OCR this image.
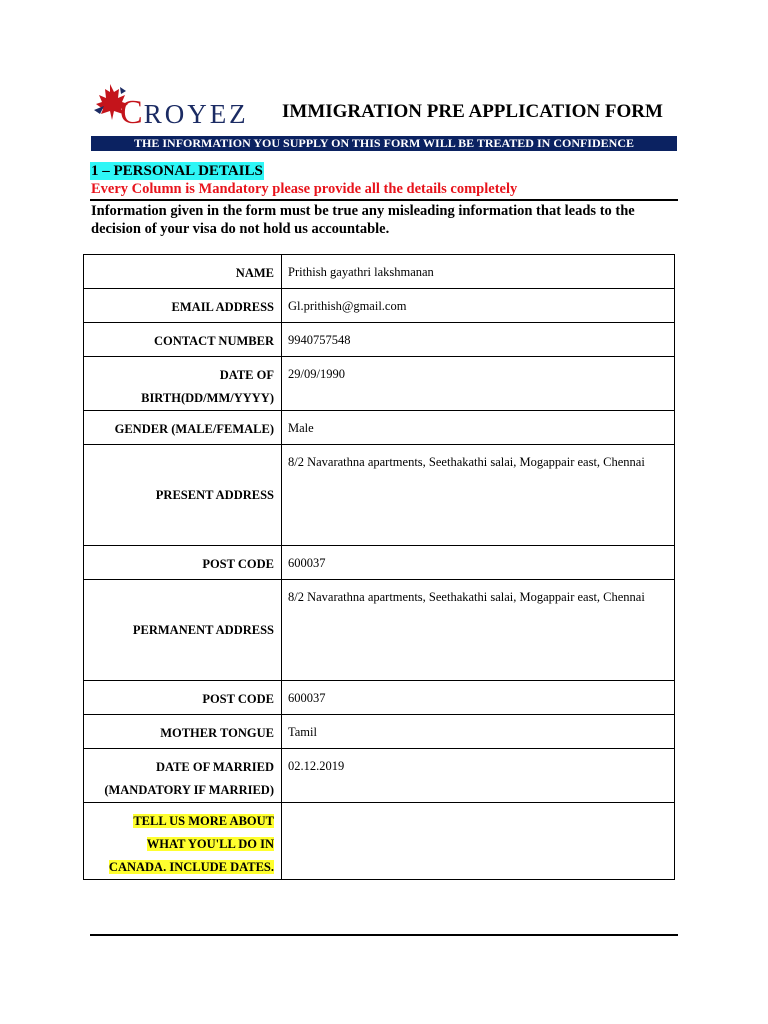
CROYEZ IMMIGRATION PRE APPLICATION FORM
THE INFORMATION YOU SUPPLY ON THIS FORM WILL BE TREATED IN CONFIDENCE
1 – PERSONAL DETAILS
Every Column is Mandatory please provide all the details completely
Information given in the form must be true any misleading information that leads to the decision of your visa do not hold us accountable.
NAME	Prithish gayathri lakshmanan
EMAIL ADDRESS	Gl.prithish@gmail.com
CONTACT NUMBER	9940757548
DATE OF
BIRTH(DD/MM/YYYY)	29/09/1990
GENDER (MALE/FEMALE)	Male
PRESENT ADDRESS	8/2 Navarathna apartments, Seethakathi salai, Mogappair east, Chennai
POST CODE	600037
PERMANENT ADDRESS	8/2 Navarathna apartments, Seethakathi salai, Mogappair east, Chennai
POST CODE	600037
MOTHER TONGUE	Tamil
DATE OF MARRIED
(MANDATORY IF MARRIED)	02.12.2019
TELL US MORE ABOUT
WHAT YOU'LL DO IN
CANADA. INCLUDE DATES.	
